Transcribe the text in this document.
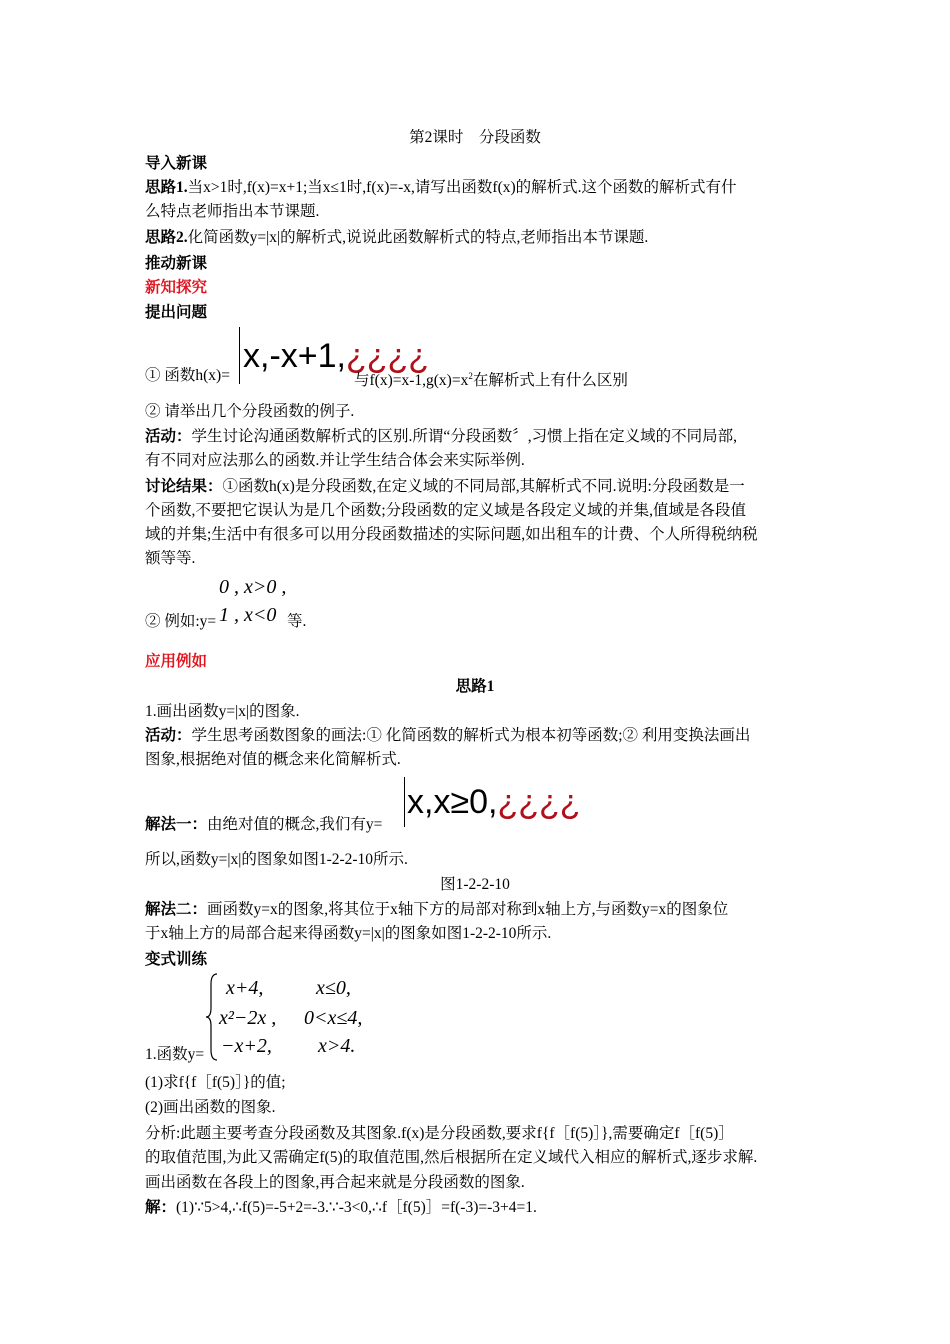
第2课时　分段函数
导入新课
思路1.当x>1时,f(x)=x+1;当x≤1时,f(x)=-x,请写出函数f(x)的解析式.这个函数的解析式有什
么特点老师指出本节课题.
思路2.化简函数y=|x|的解析式,说说此函数解析式的特点,老师指出本节课题.
推动新课
新知探究
提出问题
x,-x+1,¿¿¿¿
① 函数h(x)=	与$f(x)=x-1,g(x)=x^2$在解析式上有什么区别
② 请举出几个分段函数的例子.
活动：学生讨论沟通函数解析式的区别.所谓“分段函数〞,习惯上指在定义域的不同局部,
有不同对应法那么的函数.并让学生结合体会来实际举例.
讨论结果：①函数h(x)是分段函数,在定义域的不同局部,其解析式不同.说明:分段函数是一
个函数,不要把它误认为是几个函数;分段函数的定义域是各段定义域的并集,值域是各段值
域的并集;生活中有很多可以用分段函数描述的实际问题,如出租车的计费、个人所得税纳税
额等等.
0 , x>0 ,
1 , x<0
② 例如:y=	等.
应用例如
思路1
1.画出函数y=|x|的图象.
活动：学生思考函数图象的画法:① 化简函数的解析式为根本初等函数;② 利用变换法画出
图象,根据绝对值的概念来化简解析式.
x,x≥0,¿¿¿¿
解法一：由绝对值的概念,我们有y=
所以,函数y=|x|的图象如图1-2-2-10所示.
图1-2-2-10
解法二：画函数y=x的图象,将其位于x轴下方的局部对称到x轴上方,与函数y=x的图象位
于x轴上方的局部合起来得函数y=|x|的图象如图1-2-2-10所示.
变式训练
x+4,	x≤0,
x²−2x , 0<x≤4,
−x+2, x>4.
1.函数y=
(1)求f{f［f(5)］}的值;
(2)画出函数的图象.
分析:此题主要考查分段函数及其图象.f(x)是分段函数,要求f{f［f(5)］},需要确定f［f(5)］
的取值范围,为此又需确定f(5)的取值范围,然后根据所在定义域代入相应的解析式,逐步求解.
画出函数在各段上的图象,再合起来就是分段函数的图象.
解：(1)∵5>4,∴f(5)=-5+2=-3.∵-3<0,∴f［f(5)］=f(-3)=-3+4=1.
